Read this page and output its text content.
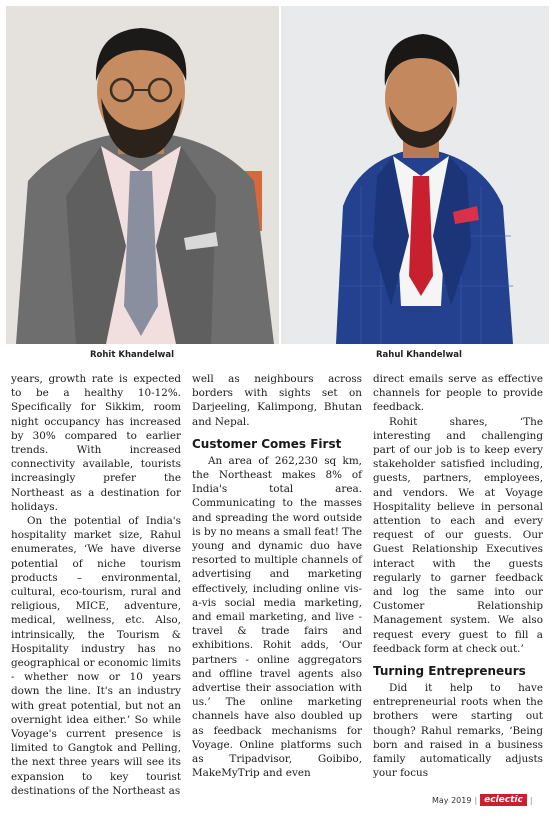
Rohit Khandelwal	Rahul Khandelwal

years, growth rate is expected to be a healthy 10-12%. Specifically for Sikkim, room night occupancy has increased by 30% compared to earlier trends. With increased connectivity available, tourists increasingly prefer the Northeast as a destination for holidays.

On the potential of India's hospitality market size, Rahul enumerates, ‘We have diverse potential of niche tourism products – environmental, cultural, eco-tourism, rural and religious, MICE, adventure, medical, wellness, etc. Also, intrinsically, the Tourism & Hospitality industry has no geographical or economic limits - whether now or 10 years down the line. It's an industry with great potential, but not an overnight idea either.’ So while Voyage's current presence is limited to Gangtok and Pelling, the next three years will see its expansion to key tourist destinations of the Northeast as

well as neighbours across borders with sights set on Darjeeling, Kalimpong, Bhutan and Nepal.

Customer Comes First

An area of 262,230 sq km, the Northeast makes 8% of India's total area. Communicating to the masses and spreading the word outside is by no means a small feat! The young and dynamic duo have resorted to multiple channels of advertising and marketing effectively, including online vis-a-vis social media marketing, and email marketing, and live - travel & trade fairs and exhibitions. Rohit adds, ‘Our partners - online aggregators and offline travel agents also advertise their association with us.’ The online marketing channels have also doubled up as feedback mechanisms for Voyage. Online platforms such as Tripadvisor, Goibibo, MakeMyTrip and even

direct emails serve as effective channels for people to provide feedback.

Rohit shares, ‘The interesting and challenging part of our job is to keep every stakeholder satisfied including, guests, partners, employees, and vendors. We at Voyage Hospitality believe in personal attention to each and every request of our guests. Our Guest Relationship Executives interact with the guests regularly to garner feedback and log the same into our Customer Relationship Management system. We also request every guest to fill a feedback form at check out.’

Turning Entrepreneurs

Did it help to have entrepreneurial roots when the brothers were starting out though? Rahul remarks, ‘Being born and raised in a business family automatically adjusts your focus

May 2019 | eclectic |
